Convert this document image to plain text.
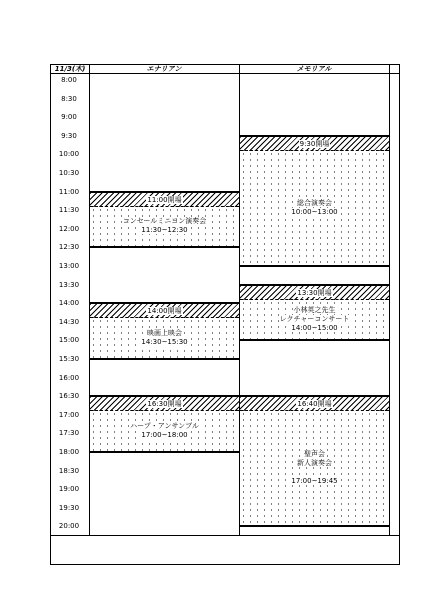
11/3(木)	エナリアン	メモリアル
8:00
8:30
9:00
9:30
10:00
10:30
11:00
11:30
12:00
12:30
13:00
13:30
14:00
14:30
15:00
15:30
16:00
16:30
17:00
17:30
18:00
18:30
19:00
19:30
20:00
11:00開場
コンセールミニヨン演奏会
11:30~12:30
14:00開場
映画上映会
14:30~15:30
16:30開場
ハープ・アンサンブル
17:00~18:00
9:30開場
総合演奏会
10:00~13:00
13:30開場
小林英之先生
レクチャーコンサート
14:00~15:00
16:40開場
聖声会
新人演奏会
17:00~19:45
